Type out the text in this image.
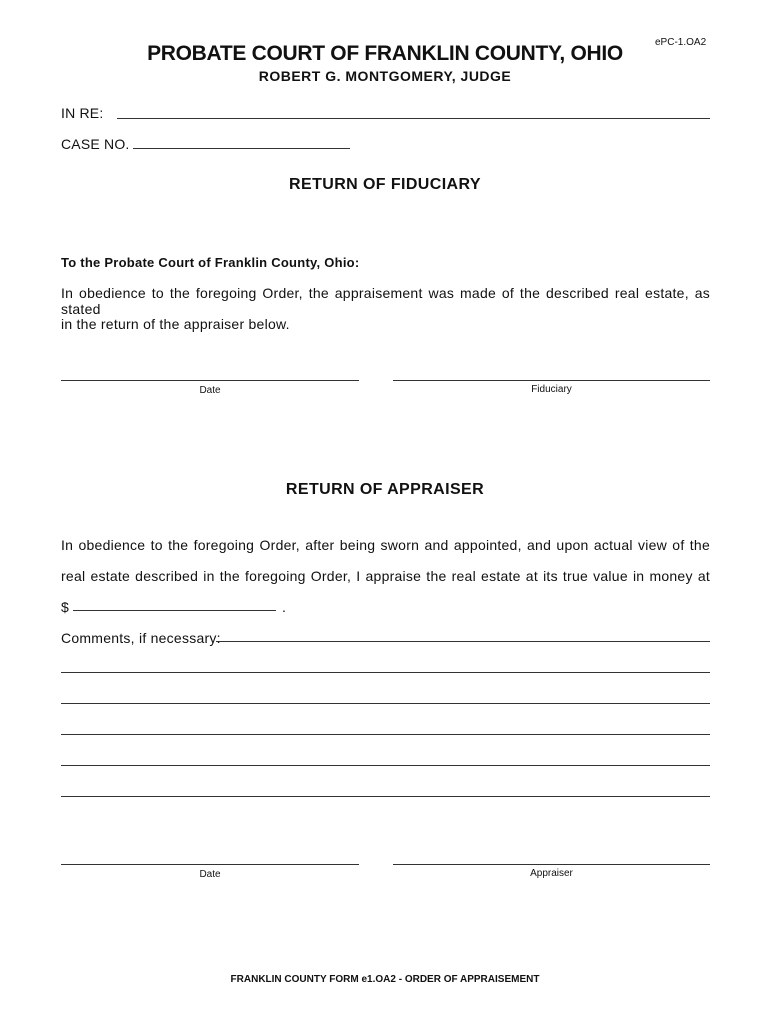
ePC-1.OA2
PROBATE COURT OF FRANKLIN COUNTY, OHIO
ROBERT G. MONTGOMERY, JUDGE
IN RE:
CASE NO.
RETURN OF FIDUCIARY
To the Probate Court of Franklin County, Ohio:
In obedience to the foregoing Order, the appraisement was made of the described real estate, as stated
in the return of the appraiser below.
Date	Fiduciary
RETURN OF APPRAISER
In obedience to the foregoing Order, after being sworn and appointed, and upon actual view of the
real estate described in the foregoing Order, I appraise the real estate at its true value in money at
$	.
Comments, if necessary:
Date	Appraiser
FRANKLIN COUNTY FORM e1.OA2 - ORDER OF APPRAISEMENT
